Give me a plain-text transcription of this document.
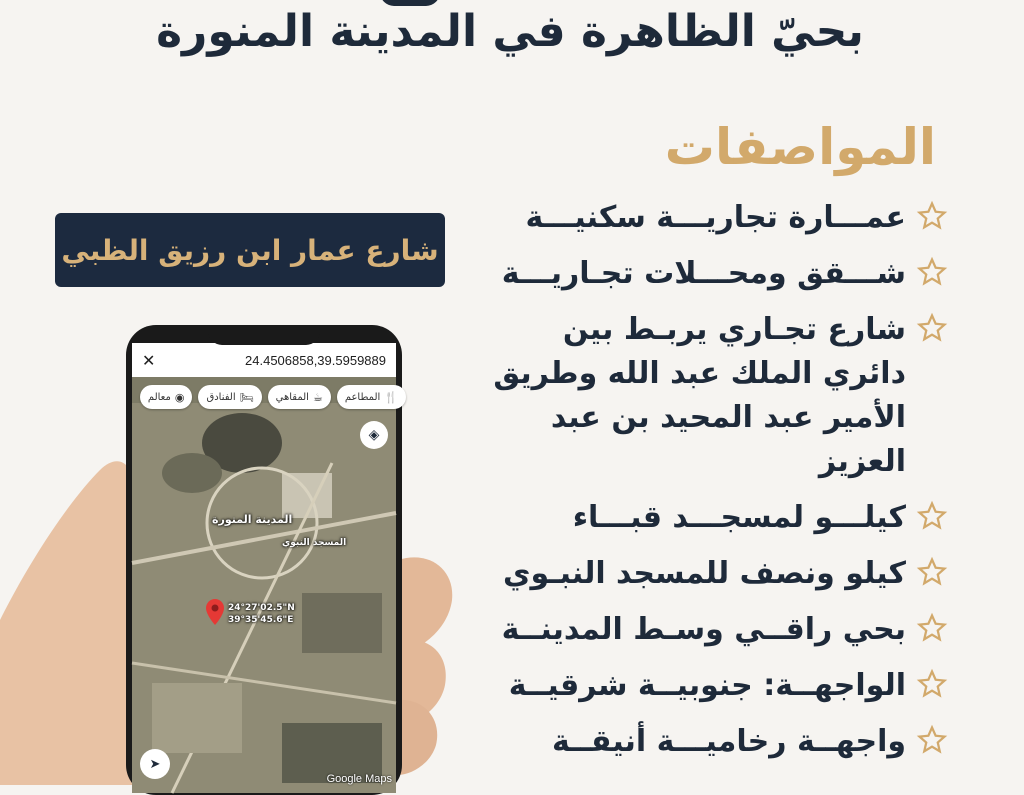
بحيّ الظاهرة في المدينة المنورة
المواصفات
عمـــارة تجاريـــة سكنيـــة
شـــقق ومحـــلات تجـاريـــة
شارع تجـاري يربـط بين دائري الملك عبد الله وطريق الأمير عبد المحيد بن عبد العزيز
كيلـــو لمسجـــد قبـــاء
كيلو ونصف للمسجد النبـوي
بحي راقــي وسـط المدينــة
الواجهــة: جنوبيــة شرقيــة
واجهــة رخاميـــة أنيقــة
شارع عمار ابن رزيق الظبي
✕	24.4506858,39.5959889
🍴
المطاعم
☕
المقاهي
🛏
الفنادق
◉
معالم
◈
المدينة المنورة
المسجد النبوي
24°27'02.5"N
39°35'45.6"E
➤
Google Maps
